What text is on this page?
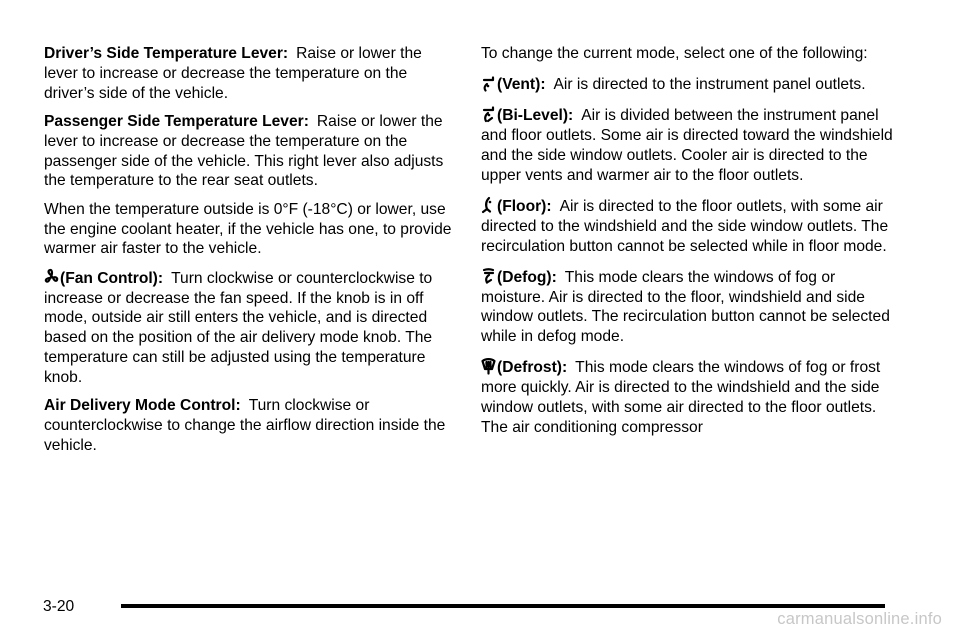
Driver’s Side Temperature Lever: Raise or lower the lever to increase or decrease the temperature on the driver’s side of the vehicle.

Passenger Side Temperature Lever: Raise or lower the lever to increase or decrease the temperature on the passenger side of the vehicle. This right lever also adjusts the temperature to the rear seat outlets.

When the temperature outside is 0°F (-18°C) or lower, use the engine coolant heater, if the vehicle has one, to provide warmer air faster to the vehicle.

(Fan Control): Turn clockwise or counterclockwise to increase or decrease the fan speed. If the knob is in off mode, outside air still enters the vehicle, and is directed based on the position of the air delivery mode knob. The temperature can still be adjusted using the temperature knob.

Air Delivery Mode Control: Turn clockwise or counterclockwise to change the airflow direction inside the vehicle.

To change the current mode, select one of the following:

(Vent): Air is directed to the instrument panel outlets.

(Bi-Level): Air is divided between the instrument panel and floor outlets. Some air is directed toward the windshield and the side window outlets. Cooler air is directed to the upper vents and warmer air to the floor outlets.

(Floor): Air is directed to the floor outlets, with some air directed to the windshield and the side window outlets. The recirculation button cannot be selected while in floor mode.

(Defog): This mode clears the windows of fog or moisture. Air is directed to the floor, windshield and side window outlets. The recirculation button cannot be selected while in defog mode.

(Defrost): This mode clears the windows of fog or frost more quickly. Air is directed to the windshield and the side window outlets, with some air directed to the floor outlets. The air conditioning compressor

3-20
carmanualsonline.info
